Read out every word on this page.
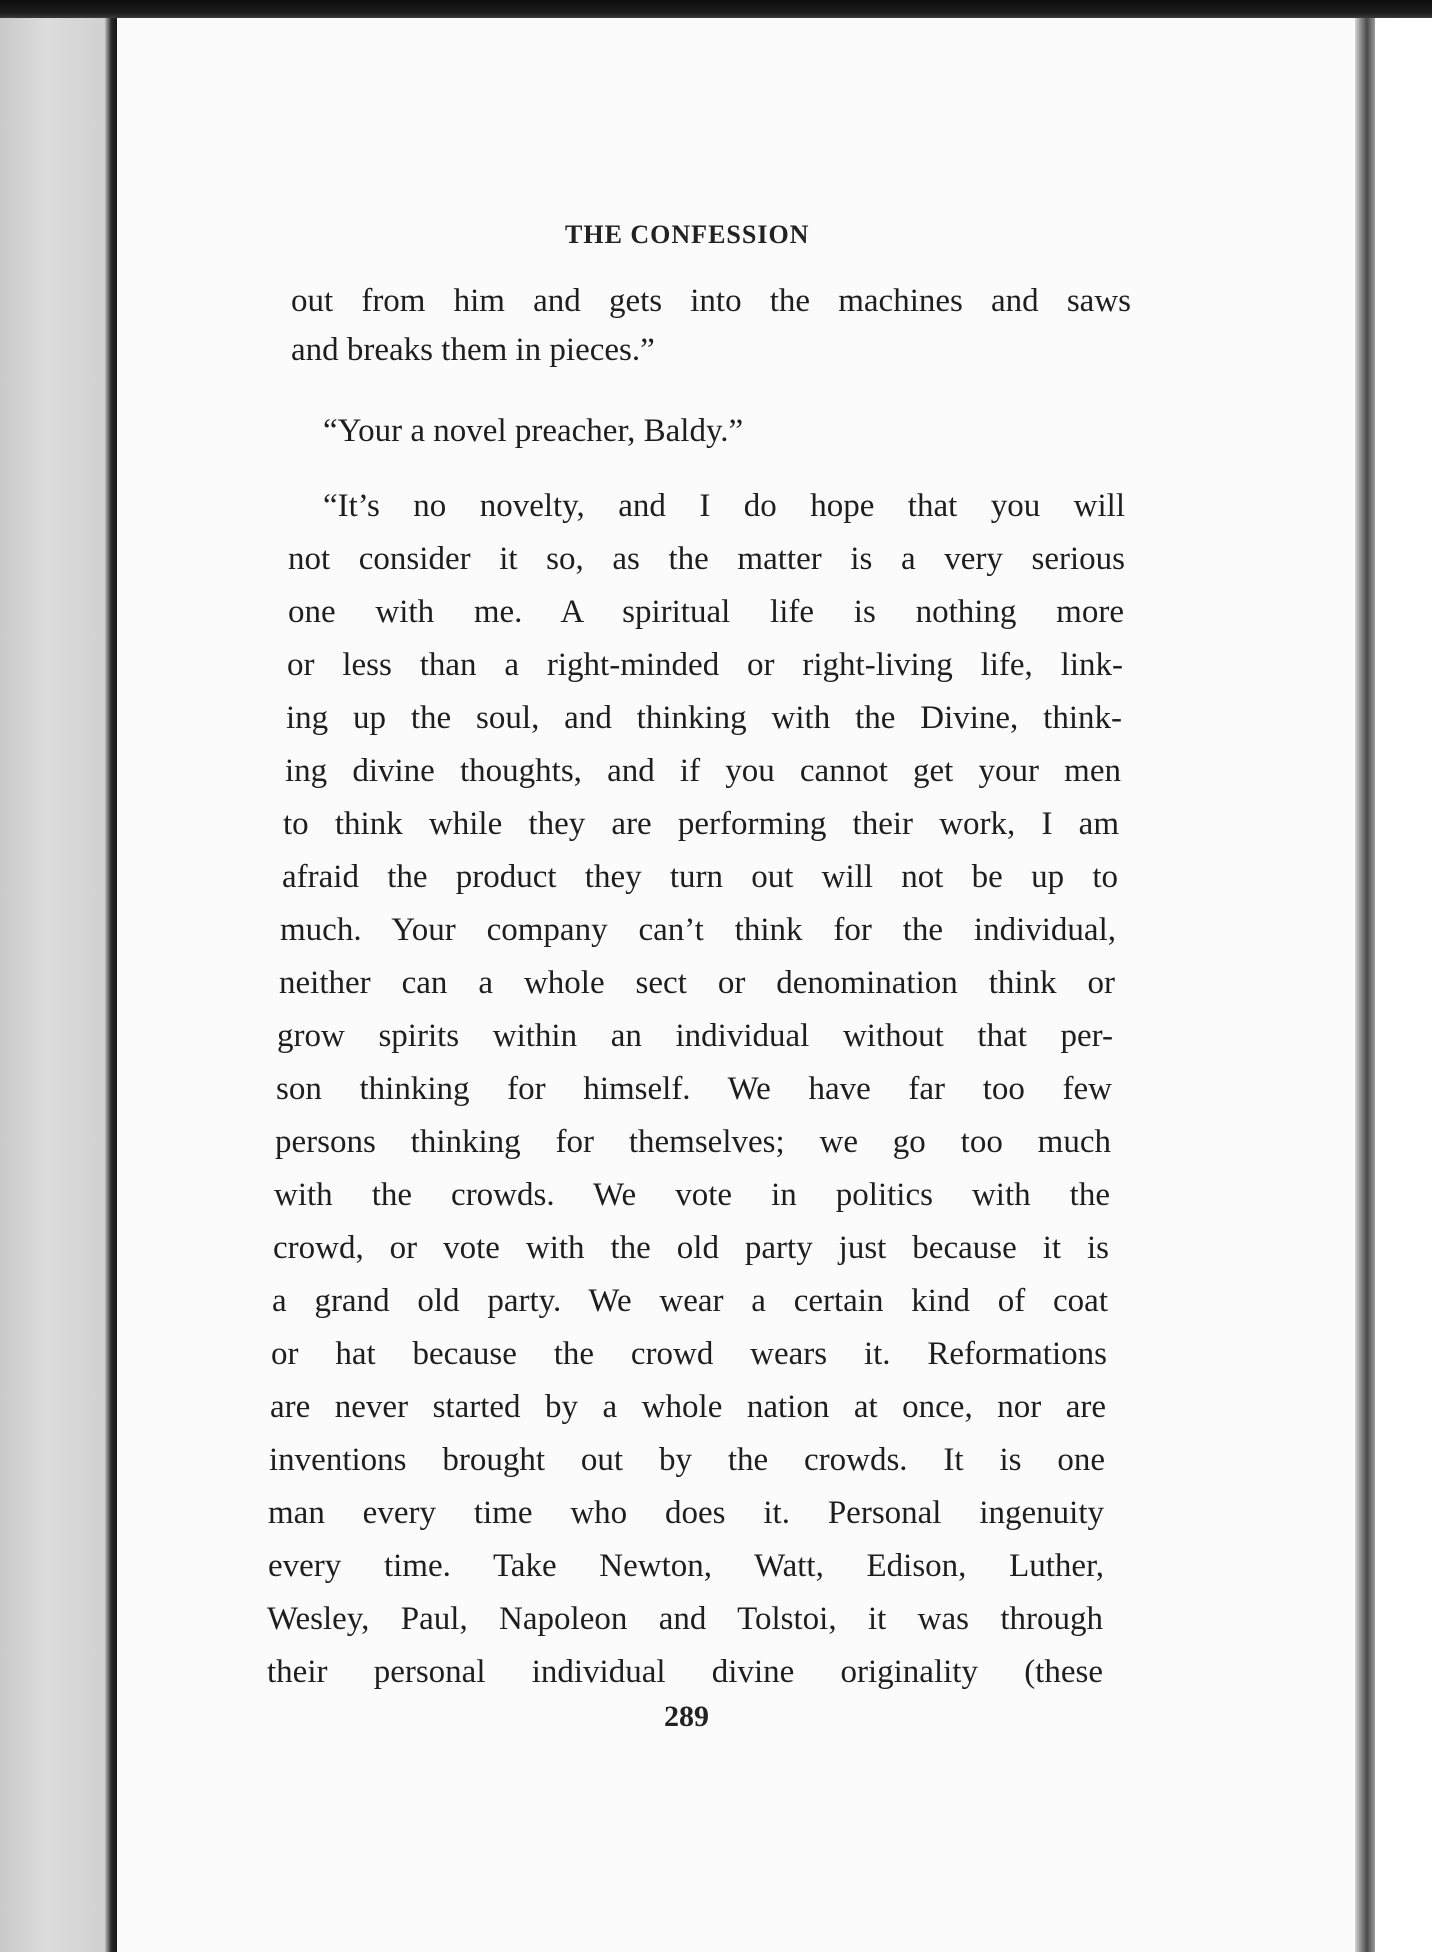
THE CONFESSION
out from him and gets into the machines and saws
and breaks them in pieces.”
“Your a novel preacher, Baldy.”
“It’s no novelty, and I do hope that you will
not consider it so, as the matter is a very serious
one with me. A spiritual life is nothing more
or less than a right-minded or right-living life, link-
ing up the soul, and thinking with the Divine, think-
ing divine thoughts, and if you cannot get your men
to think while they are performing their work, I am
afraid the product they turn out will not be up to
much. Your company can’t think for the individual,
neither can a whole sect or denomination think or
grow spirits within an individual without that per-
son thinking for himself. We have far too few
persons thinking for themselves; we go too much
with the crowds. We vote in politics with the
crowd, or vote with the old party just because it is
a grand old party. We wear a certain kind of coat
or hat because the crowd wears it. Reformations
are never started by a whole nation at once, nor are
inventions brought out by the crowds. It is one
man every time who does it. Personal ingenuity
every time. Take Newton, Watt, Edison, Luther,
Wesley, Paul, Napoleon and Tolstoi, it was through
their personal individual divine originality (these
289
